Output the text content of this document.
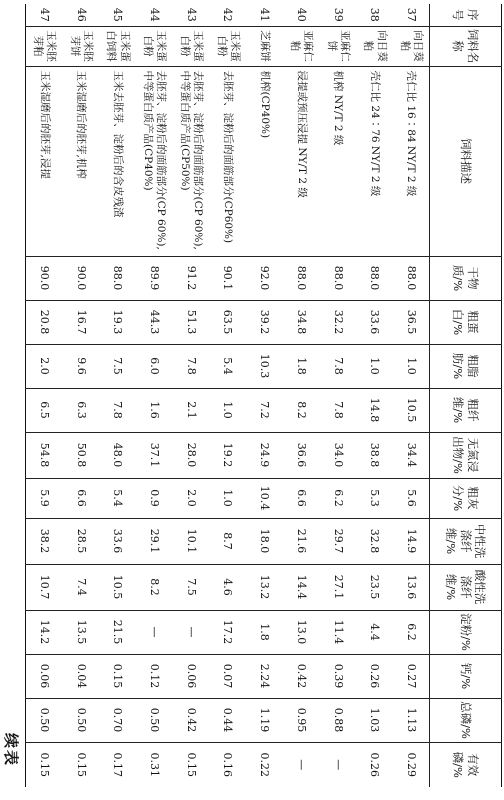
续表
序号	饲料名称	饲料描述	干物质/%	粗蛋白/%	粗脂肪/%	粗纤维/%	无氮浸出物/%	粗灰分/%	中性洗涤纤维/%	酸性洗涤纤维/%	淀粉/%	钙/%	总磷/%	有效磷/%
37	向日葵粕	壳仁比 16∶84 NY/T 2 级	88.0	36.5	1.0	10.5	34.4	5.6	14.9	13.6	6.2	0.27	1.13	0.29
38	向日葵粕	壳仁比 24∶76 NY/T 2 级	88.0	33.6	1.0	14.8	38.8	5.3	32.8	23.5	4.4	0.26	1.03	0.26
39	亚麻仁饼	机榨 NY/T 2 级	88.0	32.2	7.8	7.8	34.0	6.2	29.7	27.1	11.4	0.39	0.88	—
40	亚麻仁粕	浸提或预压浸提 NY/T 2 级	88.0	34.8	1.8	8.2	36.6	6.6	21.6	14.4	13.0	0.42	0.95	—
41	芝麻饼	机榨(CP40%)	92.0	39.2	10.3	7.2	24.9	10.4	18.0	13.2	1.8	2.24	1.19	0.22
42	玉米蛋白粉	去胚芽、淀粉后的面筋部分(CP60%)	90.1	63.5	5.4	1.0	19.2	1.0	8.7	4.6	17.2	0.07	0.44	0.16
43	玉米蛋白粉	去胚芽、淀粉后的面筋部分(CP 60%),中等蛋白质产品(CP50%)	91.2	51.3	7.8	2.1	28.0	2.0	10.1	7.5	—	0.06	0.42	0.15
44	玉米蛋白粉	去胚芽、淀粉后的面筋部分(CP 60%),中等蛋白质产品(CP40%)	89.9	44.3	6.0	1.6	37.1	0.9	29.1	8.2	—	0.12	0.50	0.31
45	玉米蛋白饲料	玉米去胚芽、淀粉后的含皮残渣	88.0	19.3	7.5	7.8	48.0	5.4	33.6	10.5	21.5	0.15	0.70	0.17
46	玉米胚芽饼	玉米湿磨后的胚芽,机榨	90.0	16.7	9.6	6.3	50.8	6.6	28.5	7.4	13.5	0.04	0.50	0.15
47	玉米胚芽粕	玉米湿磨后的胚芽,浸提	90.0	20.8	2.0	6.5	54.8	5.9	38.2	10.7	14.2	0.06	0.50	0.15
